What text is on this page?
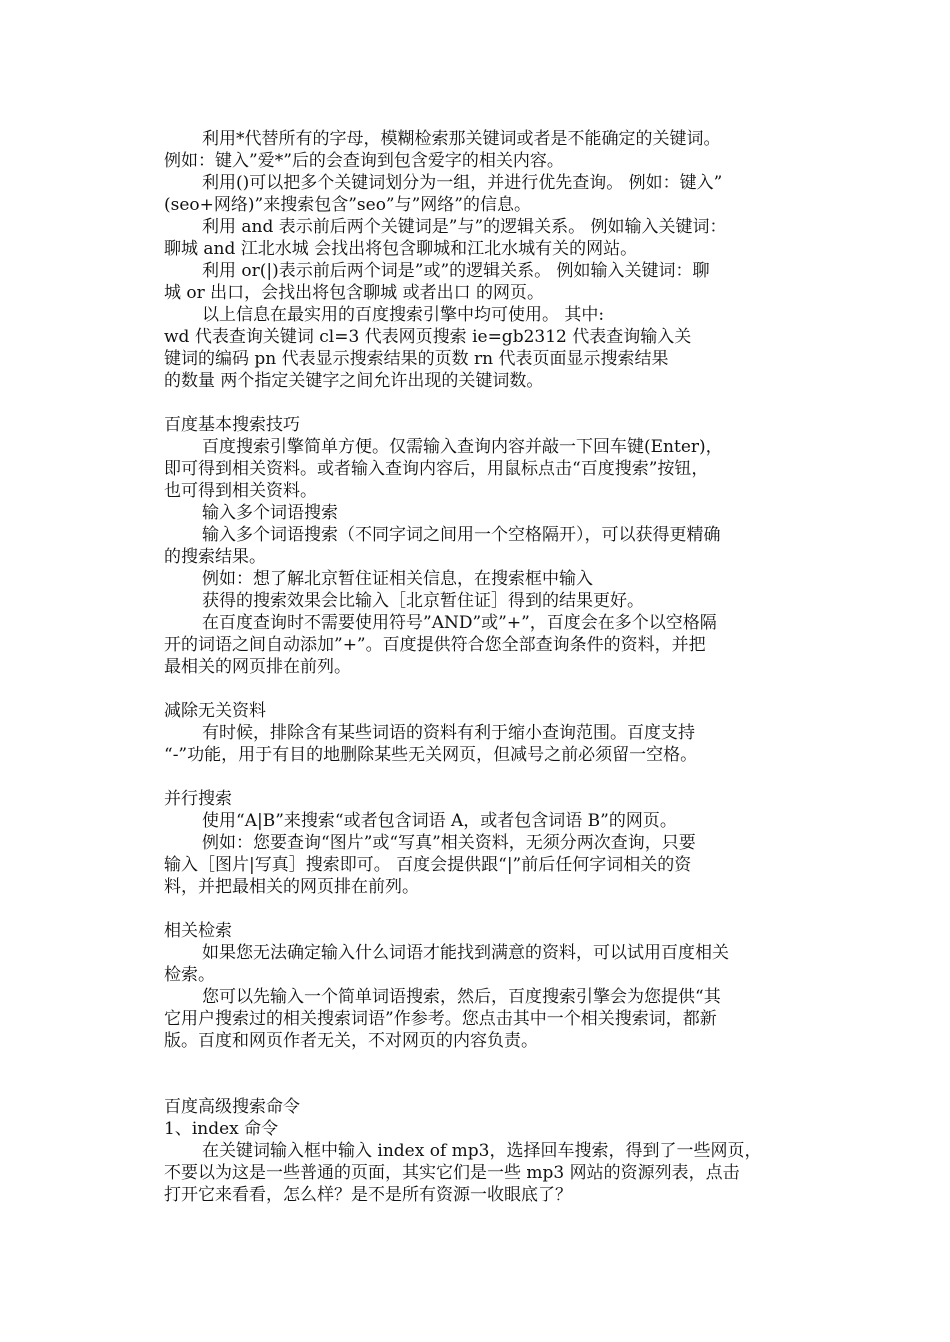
利用*代替所有的字母，模糊检索那关键词或者是不能确定的关键词。
例如：键入”爱*”后的会查询到包含爱字的相关内容。
利用()可以把多个关键词划分为一组，并进行优先查询。 例如：键入”
(seo+网络)”来搜索包含”seo”与”网络”的信息。
利用 and 表示前后两个关键词是”与”的逻辑关系。 例如输入关键词：
聊城 and 江北水城 会找出将包含聊城和江北水城有关的网站。
利用 or(|)表示前后两个词是”或”的逻辑关系。 例如输入关键词：聊
城 or 出口，会找出将包含聊城 或者出口 的网页。
以上信息在最实用的百度搜索引擎中均可使用。 其中:
wd 代表查询关键词 cl=3 代表网页搜索 ie=gb2312 代表查询输入关
键词的编码 pn 代表显示搜索结果的页数 rn 代表页面显示搜索结果
的数量 两个指定关键字之间允许出现的关键词数。
百度基本搜索技巧
百度搜索引擎简单方便。仅需输入查询内容并敲一下回车键(Enter)，
即可得到相关资料。或者输入查询内容后，用鼠标点击“百度搜索”按钮，
也可得到相关资料。
输入多个词语搜索
输入多个词语搜索（不同字词之间用一个空格隔开），可以获得更精确
的搜索结果。
例如：想了解北京暂住证相关信息，在搜索框中输入
获得的搜索效果会比输入［北京暂住证］得到的结果更好。
在百度查询时不需要使用符号”AND”或”+”，百度会在多个以空格隔
开的词语之间自动添加”+”。百度提供符合您全部查询条件的资料，并把
最相关的网页排在前列。
减除无关资料
有时候，排除含有某些词语的资料有利于缩小查询范围。百度支持
“-”功能，用于有目的地删除某些无关网页，但减号之前必须留一空格。
并行搜索
使用“A|B”来搜索“或者包含词语 A，或者包含词语 B”的网页。
例如：您要查询“图片”或“写真”相关资料，无须分两次查询，只要
输入［图片|写真］搜索即可。 百度会提供跟“|”前后任何字词相关的资
料，并把最相关的网页排在前列。
相关检索
如果您无法确定输入什么词语才能找到满意的资料，可以试用百度相关
检索。
您可以先输入一个简单词语搜索，然后，百度搜索引擎会为您提供“其
它用户搜索过的相关搜索词语”作参考。您点击其中一个相关搜索词，都新
版。百度和网页作者无关，不对网页的内容负责。
百度高级搜索命令
1、index 命令
在关键词输入框中输入 index of mp3，选择回车搜索，得到了一些网页，
不要以为这是一些普通的页面，其实它们是一些 mp3 网站的资源列表，点击
打开它来看看，怎么样？是不是所有资源一收眼底了？
